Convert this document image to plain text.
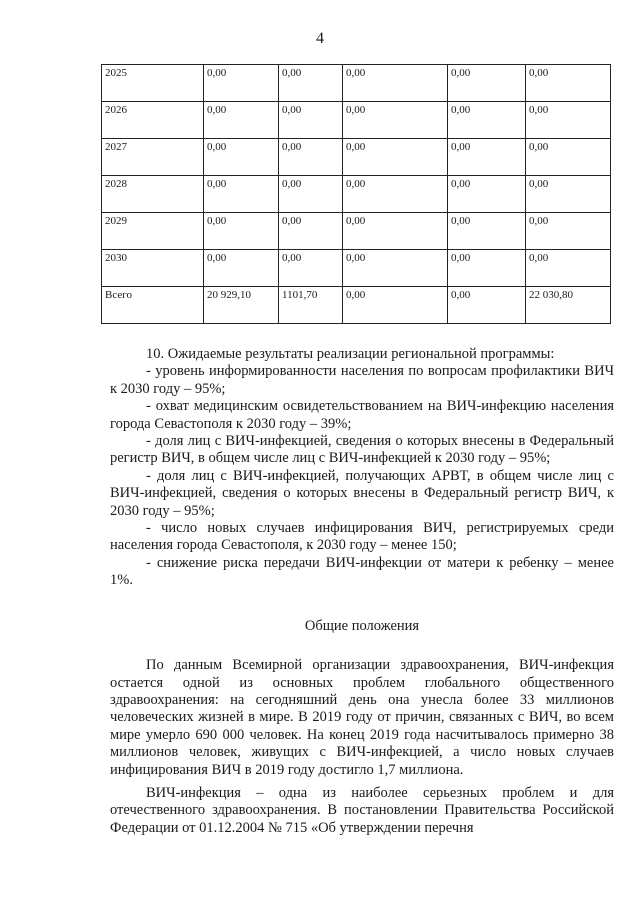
4
2025	0,00	0,00	0,00	0,00	0,00
2026	0,00	0,00	0,00	0,00	0,00
2027	0,00	0,00	0,00	0,00	0,00
2028	0,00	0,00	0,00	0,00	0,00
2029	0,00	0,00	0,00	0,00	0,00
2030	0,00	0,00	0,00	0,00	0,00
Всего	20 929,10	1101,70	0,00	0,00	22 030,80

10. Ожидаемые результаты реализации региональной программы:

- уровень информированности населения по вопросам профилактики ВИЧ к 2030 году – 95%;

- охват медицинским освидетельствованием на ВИЧ-инфекцию населения города Севастополя к 2030 году – 39%;

- доля лиц с ВИЧ-инфекцией, сведения о которых внесены в Федеральный регистр ВИЧ, в общем числе лиц с ВИЧ-инфекцией к 2030 году – 95%;

- доля лиц с ВИЧ-инфекцией, получающих АРВТ, в общем числе лиц с ВИЧ-инфекцией, сведения о которых внесены в Федеральный регистр ВИЧ, к 2030 году – 95%;

- число новых случаев инфицирования ВИЧ, регистрируемых среди населения города Севастополя, к 2030 году – менее 150;

- снижение риска передачи ВИЧ-инфекции от матери к ребенку – менее 1%.

Общие положения

По данным Всемирной организации здравоохранения, ВИЧ-инфекция остается одной из основных проблем глобального общественного здравоохранения: на сегодняшний день она унесла более 33 миллионов человеческих жизней в мире. В 2019 году от причин, связанных с ВИЧ, во всем мире умерло 690 000 человек. На конец 2019 года насчитывалось примерно 38 миллионов человек, живущих с ВИЧ-инфекцией, а число новых случаев инфицирования ВИЧ в 2019 году достигло 1,7 миллиона.

ВИЧ-инфекция – одна из наиболее серьезных проблем и для отечественного здравоохранения. В постановлении Правительства Российской Федерации от 01.12.2004 № 715 «Об утверждении перечня
